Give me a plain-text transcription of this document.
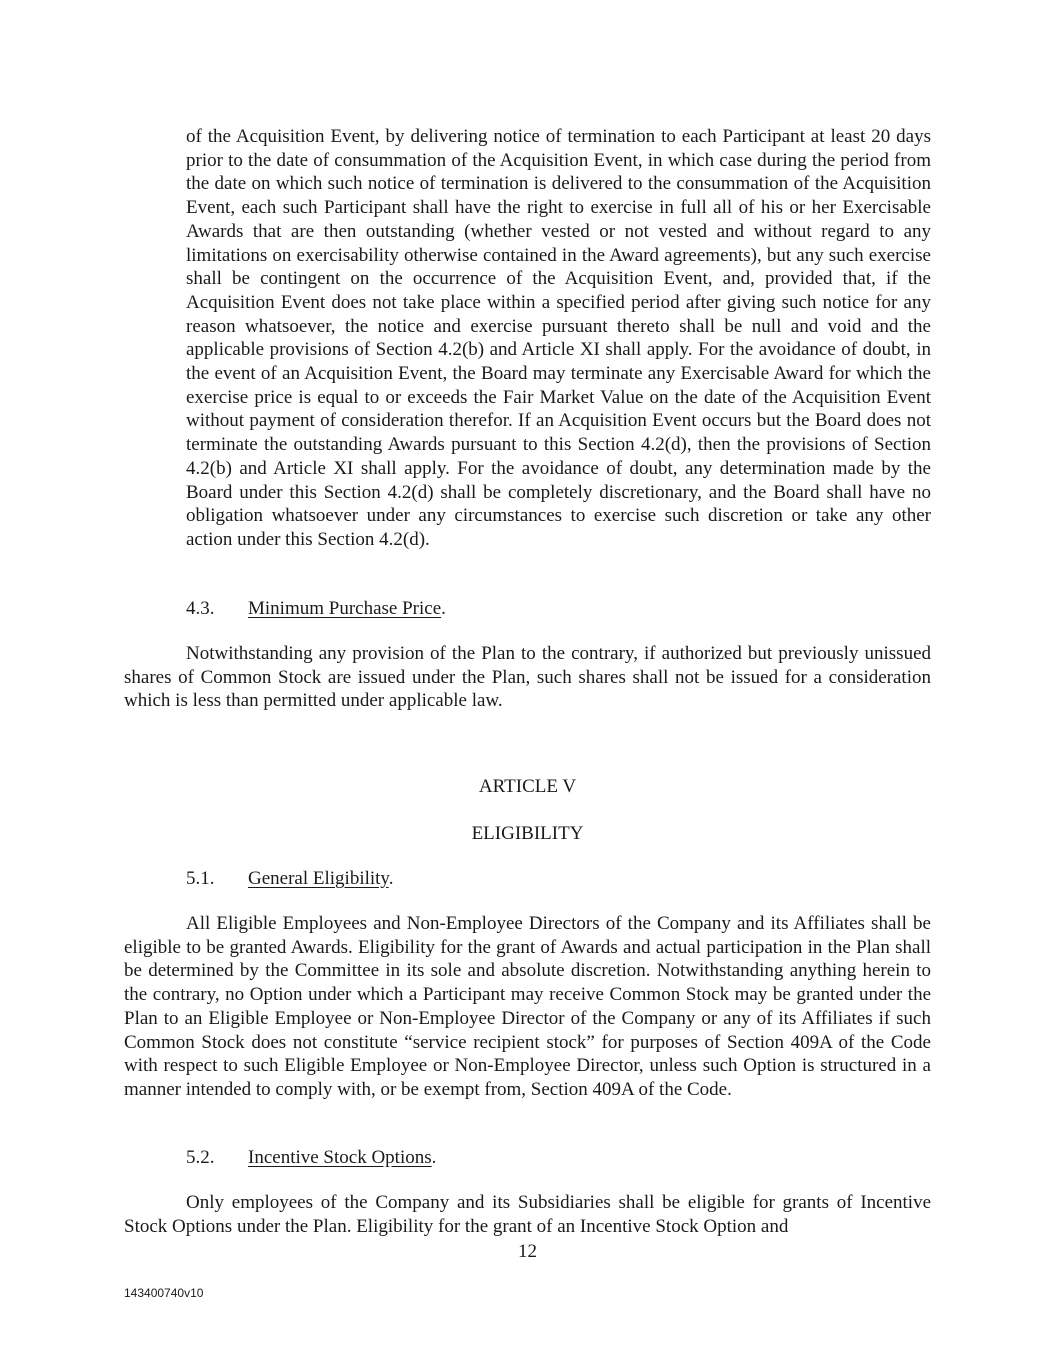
of the Acquisition Event, by delivering notice of termination to each Participant at least 20 days prior to the date of consummation of the Acquisition Event, in which case during the period from the date on which such notice of termination is delivered to the consummation of the Acquisition Event, each such Participant shall have the right to exercise in full all of his or her Exercisable Awards that are then outstanding (whether vested or not vested and without regard to any limitations on exercisability otherwise contained in the Award agreements), but any such exercise shall be contingent on the occurrence of the Acquisition Event, and, provided that, if the Acquisition Event does not take place within a specified period after giving such notice for any reason whatsoever, the notice and exercise pursuant thereto shall be null and void and the applicable provisions of Section 4.2(b) and Article XI shall apply. For the avoidance of doubt, in the event of an Acquisition Event, the Board may terminate any Exercisable Award for which the exercise price is equal to or exceeds the Fair Market Value on the date of the Acquisition Event without payment of consideration therefor. If an Acquisition Event occurs but the Board does not terminate the outstanding Awards pursuant to this Section 4.2(d), then the provisions of Section 4.2(b) and Article XI shall apply. For the avoidance of doubt, any determination made by the Board under this Section 4.2(d) shall be completely discretionary, and the Board shall have no obligation whatsoever under any circumstances to exercise such discretion or take any other action under this Section 4.2(d).

4.3. Minimum Purchase Price.

Notwithstanding any provision of the Plan to the contrary, if authorized but previously unissued shares of Common Stock are issued under the Plan, such shares shall not be issued for a consideration which is less than permitted under applicable law.

ARTICLE V

ELIGIBILITY

5.1. General Eligibility.

All Eligible Employees and Non-Employee Directors of the Company and its Affiliates shall be eligible to be granted Awards. Eligibility for the grant of Awards and actual participation in the Plan shall be determined by the Committee in its sole and absolute discretion. Notwithstanding anything herein to the contrary, no Option under which a Participant may receive Common Stock may be granted under the Plan to an Eligible Employee or Non-Employee Director of the Company or any of its Affiliates if such Common Stock does not constitute “service recipient stock” for purposes of Section 409A of the Code with respect to such Eligible Employee or Non-Employee Director, unless such Option is structured in a manner intended to comply with, or be exempt from, Section 409A of the Code.

5.2. Incentive Stock Options.

Only employees of the Company and its Subsidiaries shall be eligible for grants of Incentive Stock Options under the Plan. Eligibility for the grant of an Incentive Stock Option and

12
143400740v10
